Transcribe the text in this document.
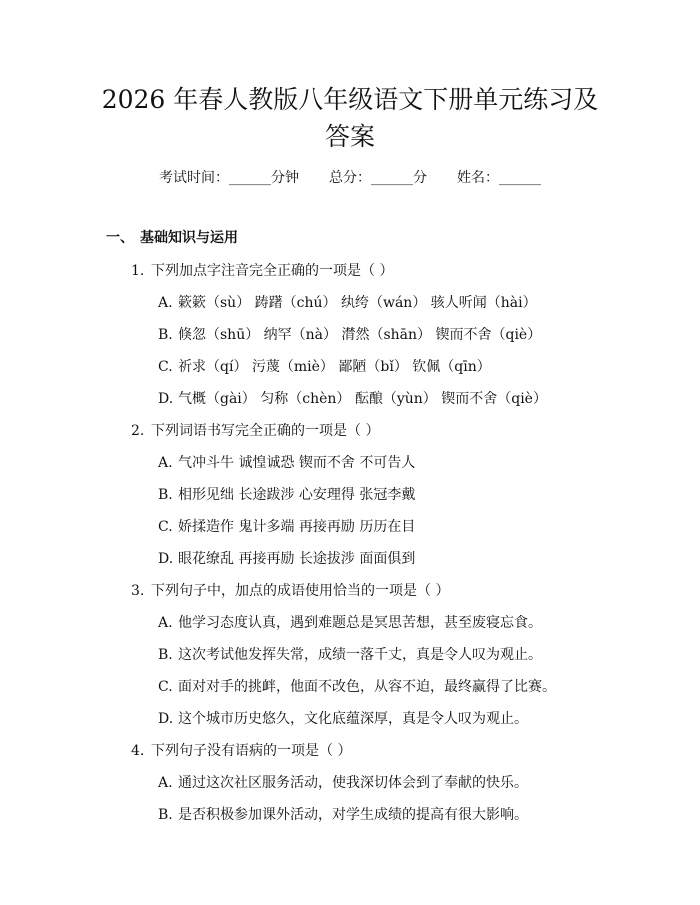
2026 年春人教版八年级语文下册单元练习及
答案
考试时间：______分钟 总分：______分 姓名：______
一、 基础知识与运用
1. 下列加点字注音完全正确的一项是（ ）
A. 簌簌（sù） 踌躇（chú） 纨绔（wán） 骇人听闻（hài）
B. 倏忽（shū） 纳罕（nà） 潸然（shān） 锲而不舍（qiè）
C. 祈求（qí） 污蔑（miè） 鄙陋（bǐ） 钦佩（qīn）
D. 气概（gài） 匀称（chèn） 酝酿（yùn） 锲而不舍（qiè）
2. 下列词语书写完全正确的一项是（ ）
A. 气冲斗牛 诚惶诚恐 锲而不舍 不可告人
B. 相形见绌 长途跋涉 心安理得 张冠李戴
C. 娇揉造作 鬼计多端 再接再励 历历在目
D. 眼花缭乱 再接再励 长途拔涉 面面俱到
3. 下列句子中，加点的成语使用恰当的一项是（ ）
A. 他学习态度认真，遇到难题总是冥思苦想，甚至废寝忘食。
B. 这次考试他发挥失常，成绩一落千丈，真是令人叹为观止。
C. 面对对手的挑衅，他面不改色，从容不迫，最终赢得了比赛。
D. 这个城市历史悠久，文化底蕴深厚，真是令人叹为观止。
4. 下列句子没有语病的一项是（ ）
A. 通过这次社区服务活动，使我深切体会到了奉献的快乐。
B. 是否积极参加课外活动，对学生成绩的提高有很大影响。
